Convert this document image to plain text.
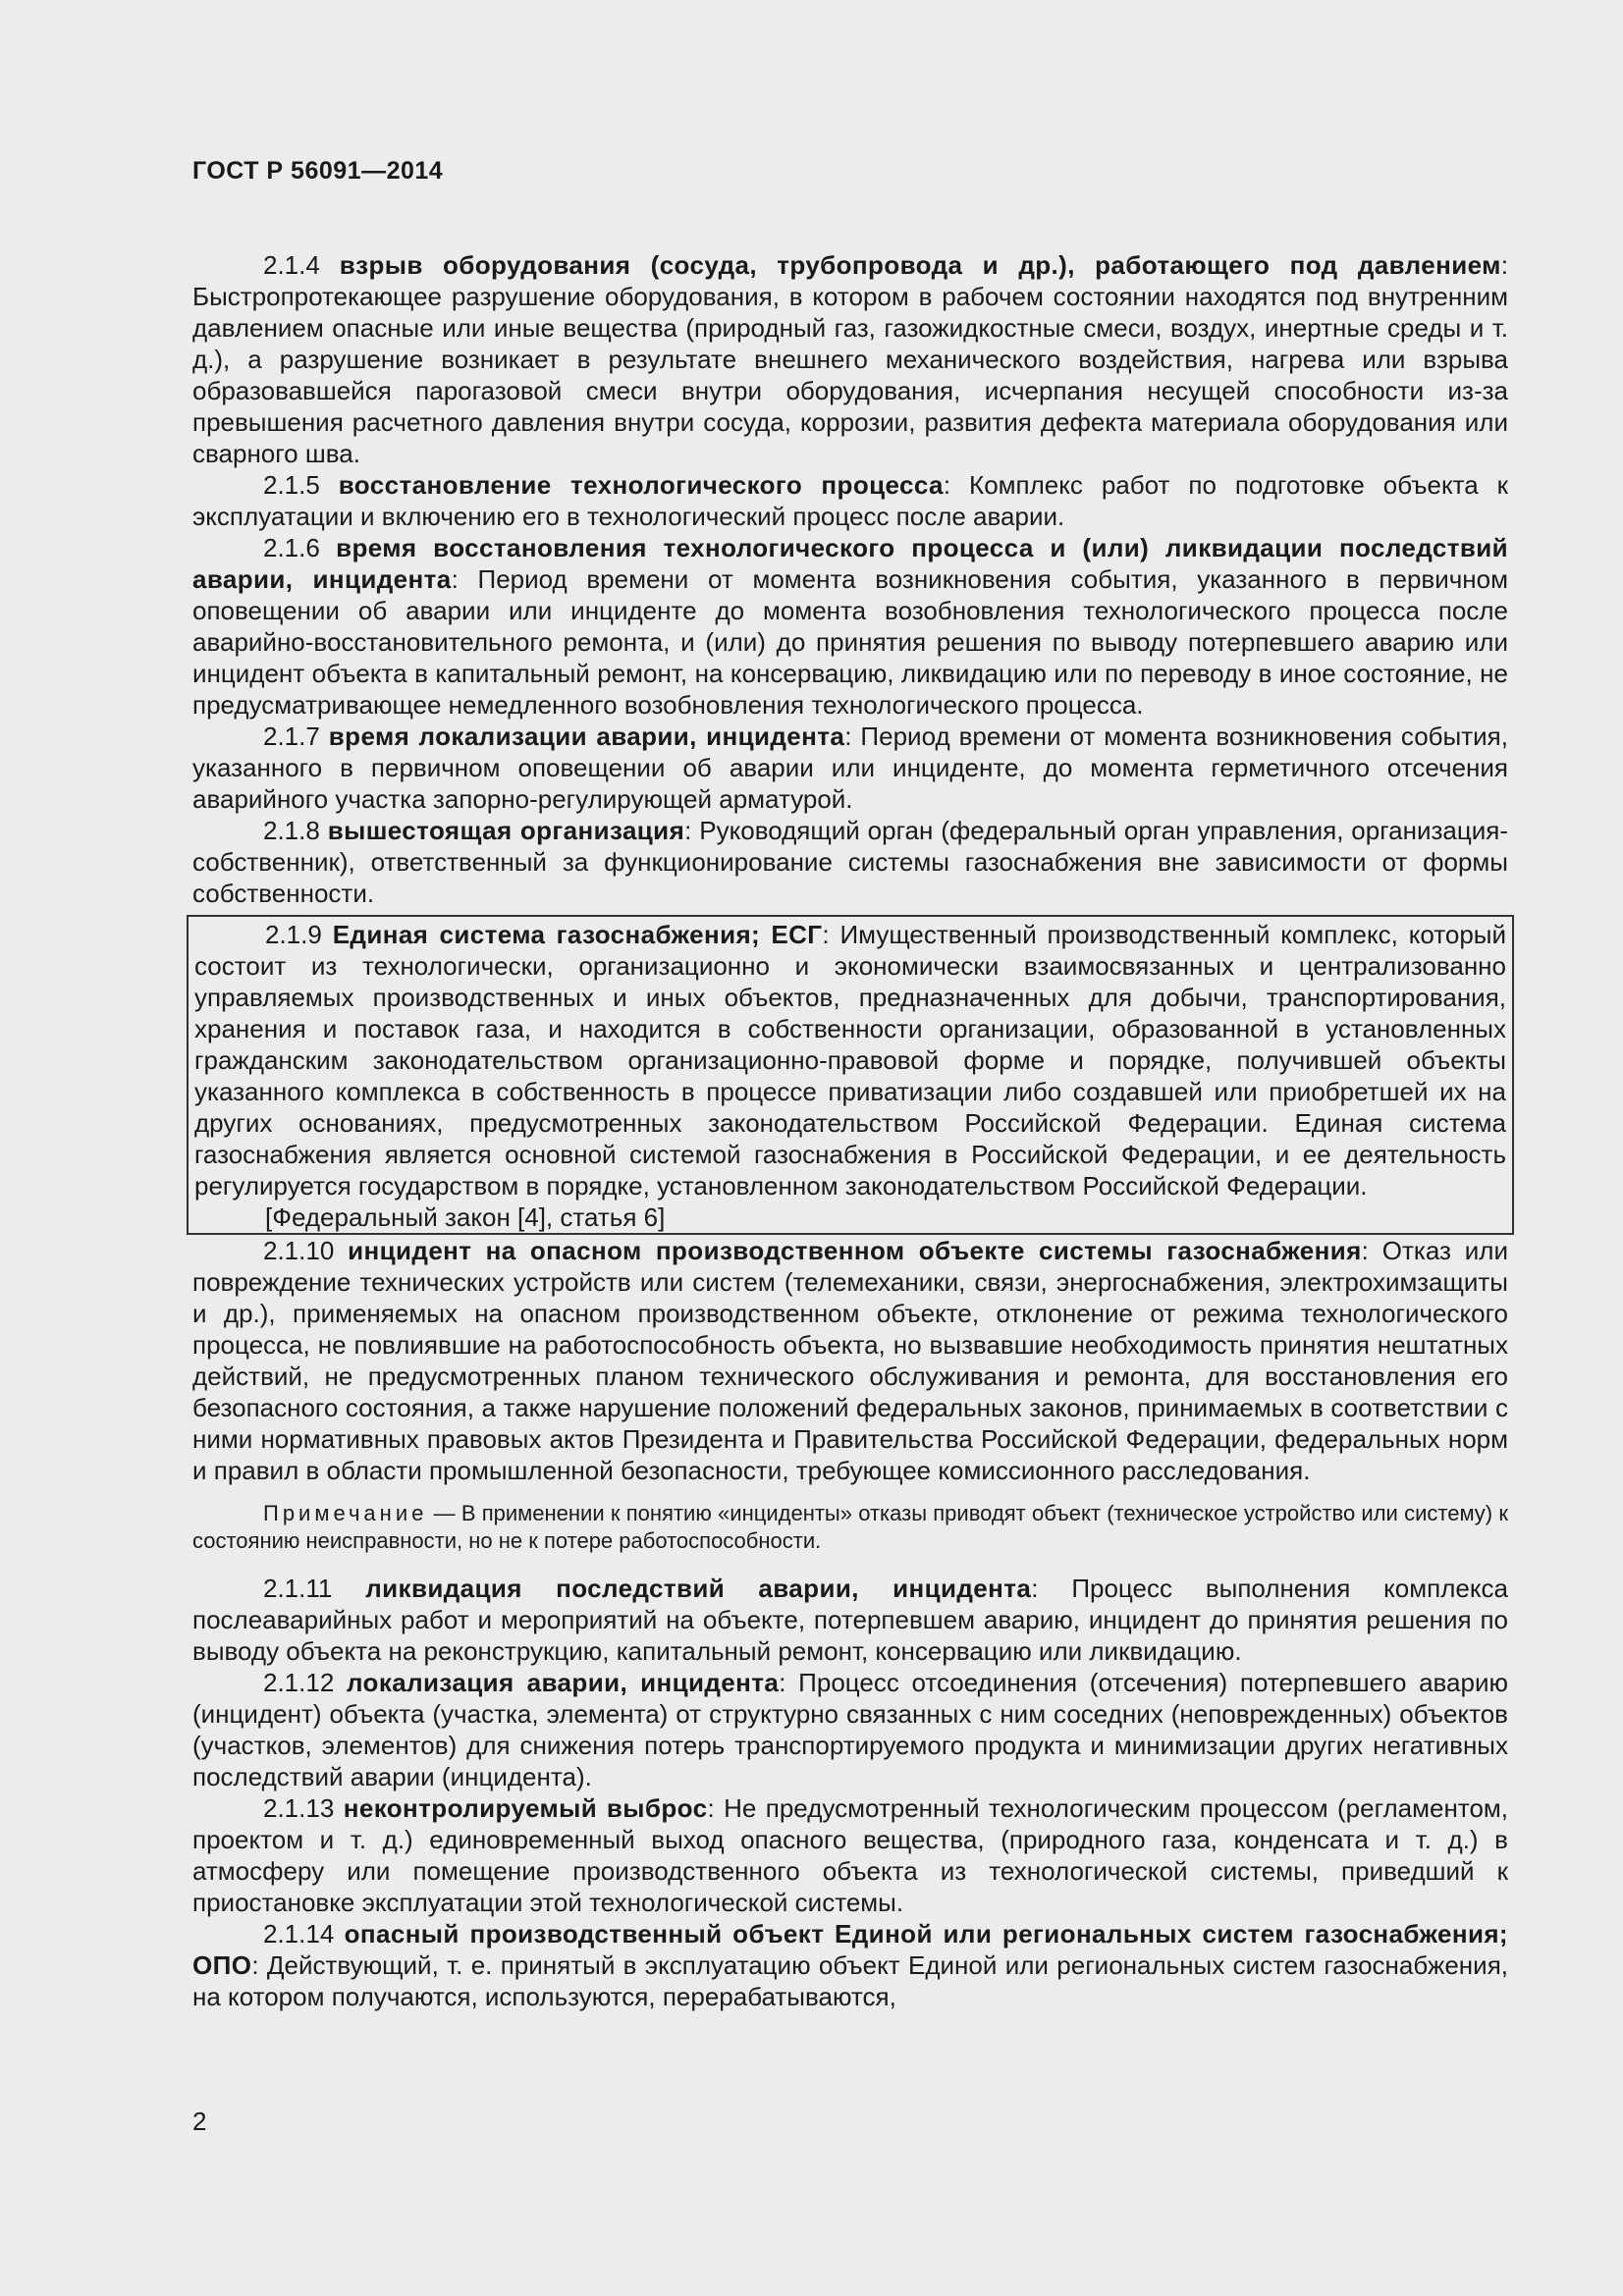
ГОСТ Р 56091—2014

2.1.4 взрыв оборудования (сосуда, трубопровода и др.), работающего под давлением: Быстропротекающее разрушение оборудования, в котором в рабочем состоянии находятся под внутренним давлением опасные или иные вещества (природный газ, газожидкостные смеси, воздух, инертные среды и т. д.), а разрушение возникает в результате внешнего механического воздействия, нагрева или взрыва образовавшейся парогазовой смеси внутри оборудования, исчерпания несущей способности из-за превышения расчетного давления внутри сосуда, коррозии, развития дефекта материала оборудования или сварного шва.

2.1.5 восстановление технологического процесса: Комплекс работ по подготовке объекта к эксплуатации и включению его в технологический процесс после аварии.

2.1.6 время восстановления технологического процесса и (или) ликвидации последствий аварии, инцидента: Период времени от момента возникновения события, указанного в первичном оповещении об аварии или инциденте до момента возобновления технологического процесса после аварийно-восстановительного ремонта, и (или) до принятия решения по выводу потерпевшего аварию или инцидент объекта в капитальный ремонт, на консервацию, ликвидацию или по переводу в иное состояние, не предусматривающее немедленного возобновления технологического процесса.

2.1.7 время локализации аварии, инцидента: Период времени от момента возникновения события, указанного в первичном оповещении об аварии или инциденте, до момента герметичного отсечения аварийного участка запорно-регулирующей арматурой.

2.1.8 вышестоящая организация: Руководящий орган (федеральный орган управления, организация-собственник), ответственный за функционирование системы газоснабжения вне зависимости от формы собственности.

2.1.9 Единая система газоснабжения; ЕСГ: Имущественный производственный комплекс, который состоит из технологически, организационно и экономически взаимосвязанных и централизованно управляемых производственных и иных объектов, предназначенных для добычи, транспортирования, хранения и поставок газа, и находится в собственности организации, образованной в установленных гражданским законодательством организационно-правовой форме и порядке, получившей объекты указанного комплекса в собственность в процессе приватизации либо создавшей или приобретшей их на других основаниях, предусмотренных законодательством Российской Федерации. Единая система газоснабжения является основной системой газоснабжения в Российской Федерации, и ее деятельность регулируется государством в порядке, установленном законодательством Российской Федерации.

[Федеральный закон [4], статья 6]

2.1.10 инцидент на опасном производственном объекте системы газоснабжения: Отказ или повреждение технических устройств или систем (телемеханики, связи, энергоснабжения, электрохимзащиты и др.), применяемых на опасном производственном объекте, отклонение от режима технологического процесса, не повлиявшие на работоспособность объекта, но вызвавшие необходимость принятия нештатных действий, не предусмотренных планом технического обслуживания и ремонта, для восстановления его безопасного состояния, а также нарушение положений федеральных законов, принимаемых в соответствии с ними нормативных правовых актов Президента и Правительства Российской Федерации, федеральных норм и правил в области промышленной безопасности, требующее комиссионного расследования.

Примечание — В применении к понятию «инциденты» отказы приводят объект (техническое устройство или систему) к состоянию неисправности, но не к потере работоспособности.

2.1.11 ликвидация последствий аварии, инцидента: Процесс выполнения комплекса послеаварийных работ и мероприятий на объекте, потерпевшем аварию, инцидент до принятия решения по выводу объекта на реконструкцию, капитальный ремонт, консервацию или ликвидацию.

2.1.12 локализация аварии, инцидента: Процесс отсоединения (отсечения) потерпевшего аварию (инцидент) объекта (участка, элемента) от структурно связанных с ним соседних (неповрежденных) объектов (участков, элементов) для снижения потерь транспортируемого продукта и минимизации других негативных последствий аварии (инцидента).

2.1.13 неконтролируемый выброс: Не предусмотренный технологическим процессом (регламентом, проектом и т. д.) единовременный выход опасного вещества, (природного газа, конденсата и т. д.) в атмосферу или помещение производственного объекта из технологической системы, приведший к приостановке эксплуатации этой технологической системы.

2.1.14 опасный производственный объект Единой или региональных систем газоснабжения; ОПО: Действующий, т. е. принятый в эксплуатацию объект Единой или региональных систем газоснабжения, на котором получаются, используются, перерабатываются,

2
